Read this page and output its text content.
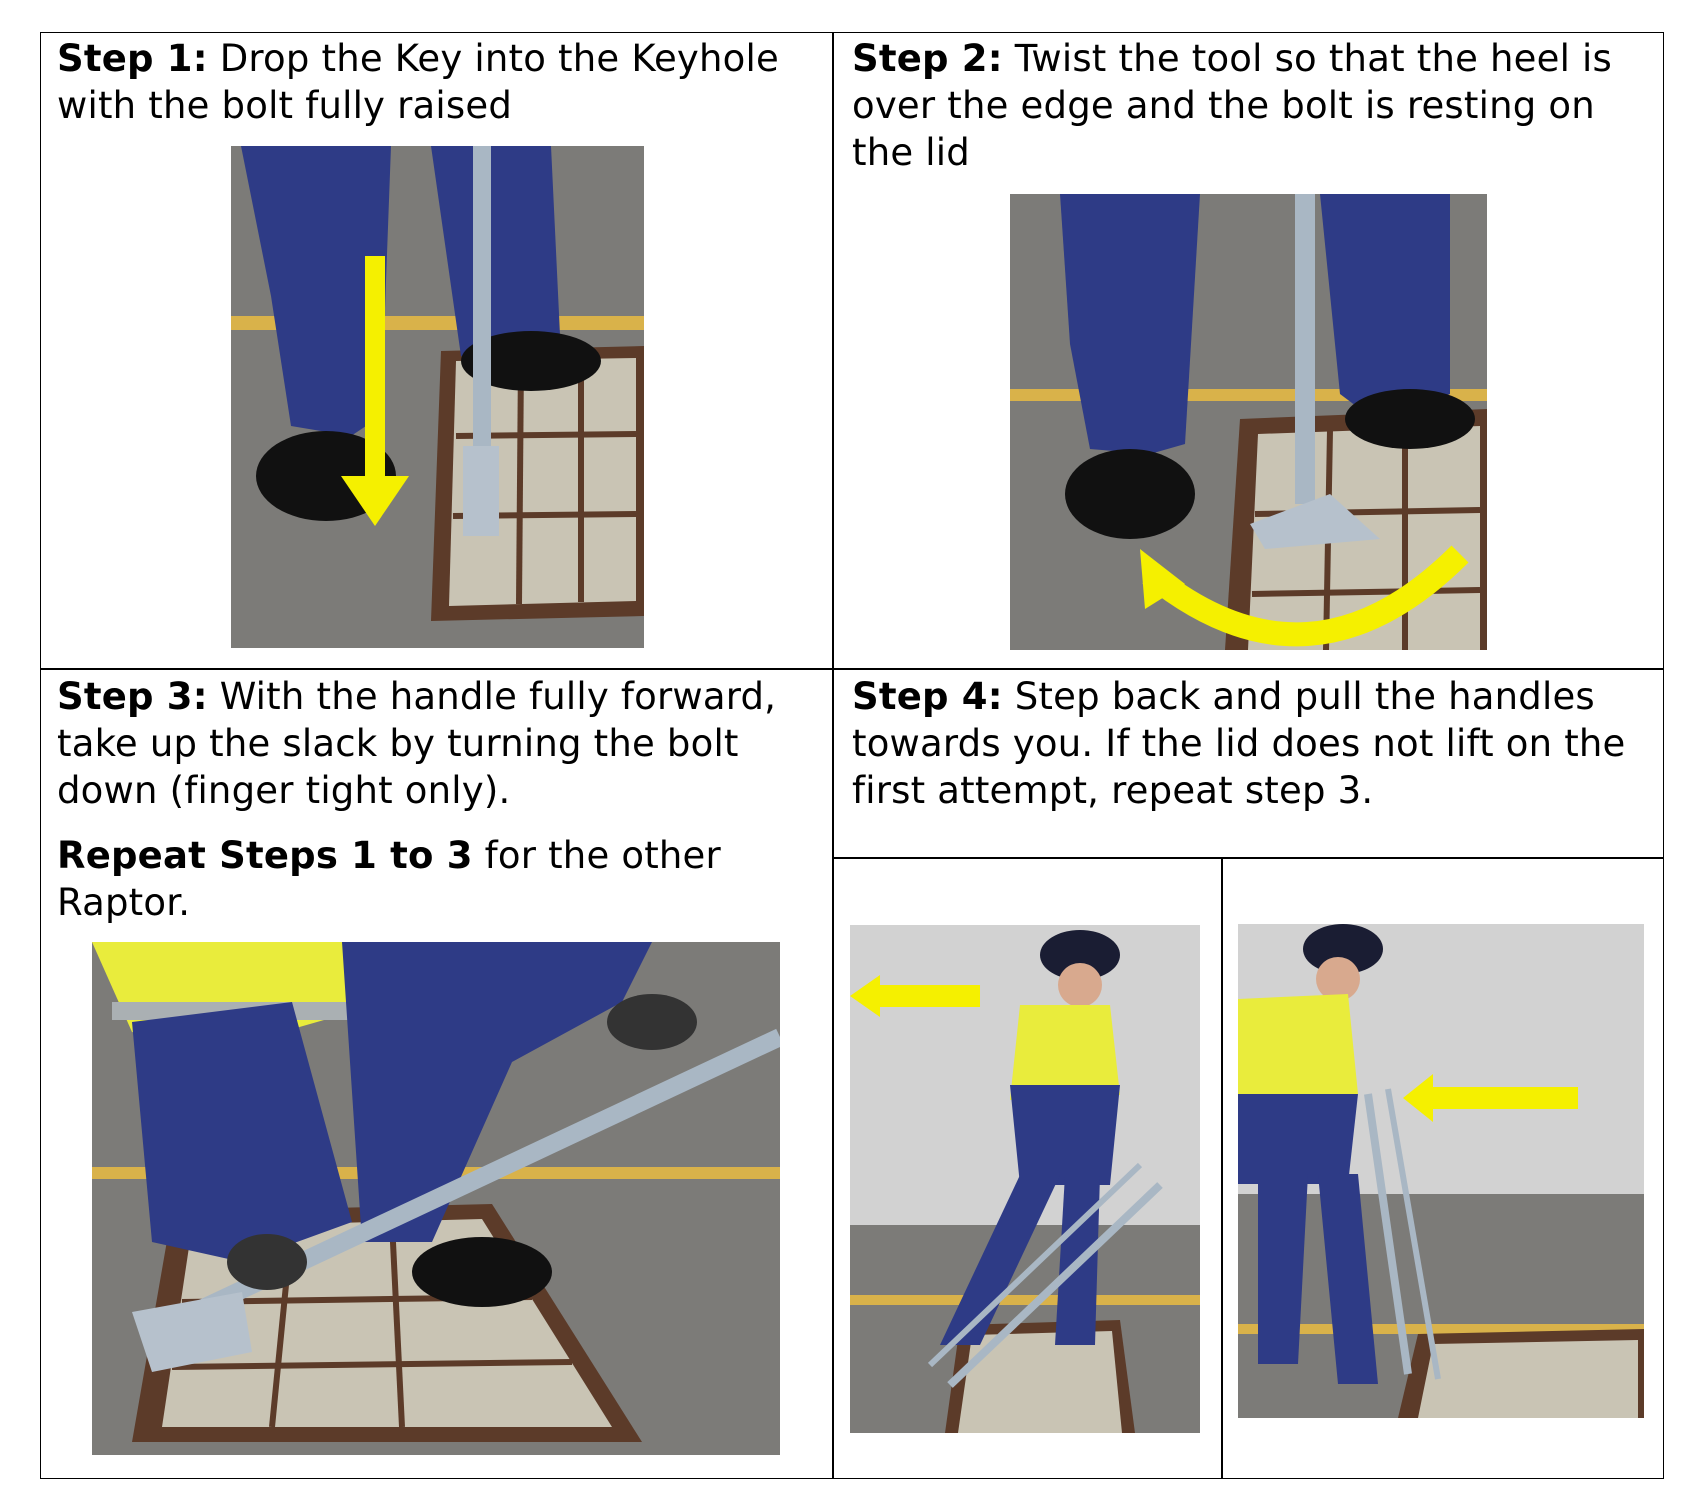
Step 1: Drop the Key into the Keyhole with the bolt fully raised
Step 2: Twist the tool so that the heel is over the edge and the bolt is resting on the lid
Step 3: With the handle fully forward, take up the slack by turning the bolt down (finger tight only).
Repeat Steps 1 to 3 for the other Raptor.
Step 4: Step back and pull the handles towards you. If the lid does not lift on the first attempt, repeat step 3.
